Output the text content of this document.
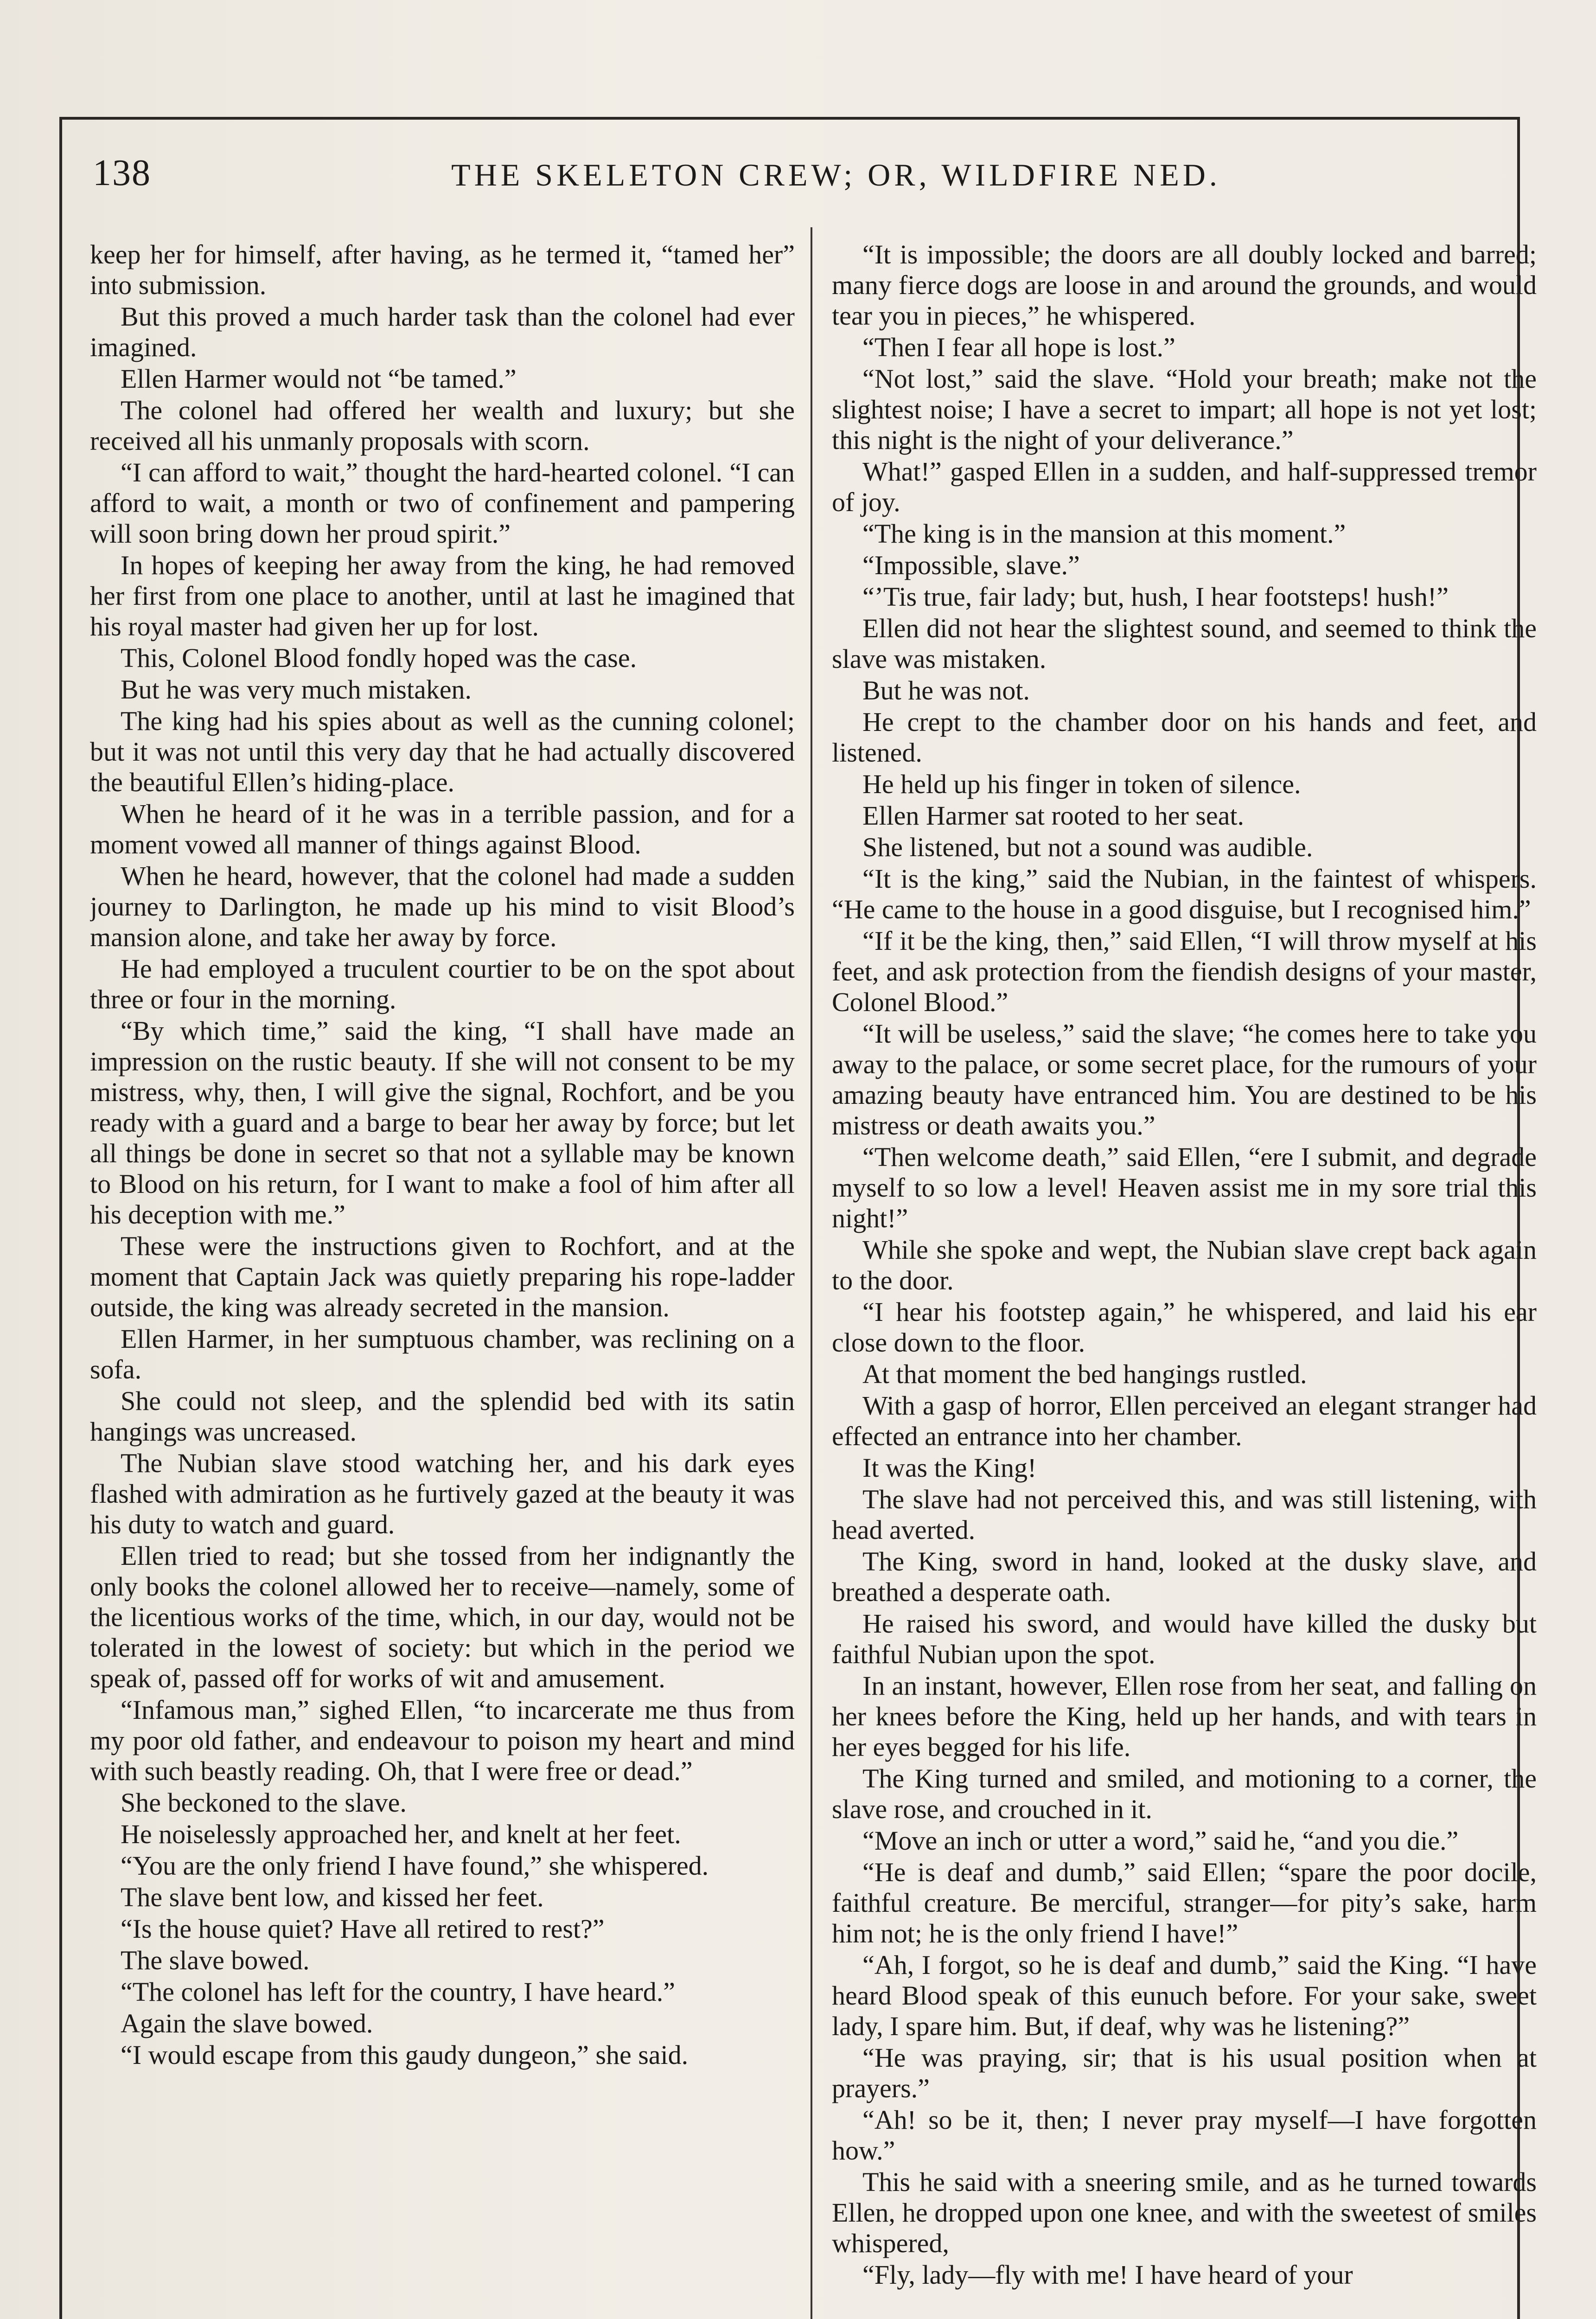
138	THE SKELETON CREW; OR, WILDFIRE NED.

keep her for himself, after having, as he termed it, “tamed her” into submission.

But this proved a much harder task than the colonel had ever imagined.

Ellen Harmer would not “be tamed.”

The colonel had offered her wealth and luxury; but she received all his unmanly proposals with scorn.

“I can afford to wait,” thought the hard-hearted colonel. “I can afford to wait, a month or two of confinement and pampering will soon bring down her proud spirit.”

In hopes of keeping her away from the king, he had removed her first from one place to another, until at last he imagined that his royal master had given her up for lost.

This, Colonel Blood fondly hoped was the case.

But he was very much mistaken.

The king had his spies about as well as the cunning colonel; but it was not until this very day that he had actually discovered the beautiful Ellen’s hiding-place.

When he heard of it he was in a terrible passion, and for a moment vowed all manner of things against Blood.

When he heard, however, that the colonel had made a sudden journey to Darlington, he made up his mind to visit Blood’s mansion alone, and take her away by force.

He had employed a truculent courtier to be on the spot about three or four in the morning.

“By which time,” said the king, “I shall have made an impression on the rustic beauty. If she will not consent to be my mistress, why, then, I will give the signal, Rochfort, and be you ready with a guard and a barge to bear her away by force; but let all things be done in secret so that not a syllable may be known to Blood on his return, for I want to make a fool of him after all his deception with me.”

These were the instructions given to Rochfort, and at the moment that Captain Jack was quietly preparing his rope-ladder outside, the king was already secreted in the mansion.

Ellen Harmer, in her sumptuous chamber, was reclining on a sofa.

She could not sleep, and the splendid bed with its satin hangings was uncreased.

The Nubian slave stood watching her, and his dark eyes flashed with admiration as he furtively gazed at the beauty it was his duty to watch and guard.

Ellen tried to read; but she tossed from her indignantly the only books the colonel allowed her to receive—namely, some of the licentious works of the time, which, in our day, would not be tolerated in the lowest of society: but which in the period we speak of, passed off for works of wit and amusement.

“Infamous man,” sighed Ellen, “to incarcerate me thus from my poor old father, and endeavour to poison my heart and mind with such beastly reading. Oh, that I were free or dead.”

She beckoned to the slave.

He noiselessly approached her, and knelt at her feet.

“You are the only friend I have found,” she whispered.

The slave bent low, and kissed her feet.

“Is the house quiet? Have all retired to rest?”

The slave bowed.

“The colonel has left for the country, I have heard.”

Again the slave bowed.

“I would escape from this gaudy dungeon,” she said.

“It is impossible; the doors are all doubly locked and barred; many fierce dogs are loose in and around the grounds, and would tear you in pieces,” he whispered.

“Then I fear all hope is lost.”

“Not lost,” said the slave. “Hold your breath; make not the slightest noise; I have a secret to impart; all hope is not yet lost; this night is the night of your deliverance.”

What!” gasped Ellen in a sudden, and half-suppressed tremor of joy.

“The king is in the mansion at this moment.”

“Impossible, slave.”

“’Tis true, fair lady; but, hush, I hear footsteps! hush!”

Ellen did not hear the slightest sound, and seemed to think the slave was mistaken.

But he was not.

He crept to the chamber door on his hands and feet, and listened.

He held up his finger in token of silence.

Ellen Harmer sat rooted to her seat.

She listened, but not a sound was audible.

“It is the king,” said the Nubian, in the faintest of whispers. “He came to the house in a good disguise, but I recognised him.”

“If it be the king, then,” said Ellen, “I will throw myself at his feet, and ask protection from the fiendish designs of your master, Colonel Blood.”

“It will be useless,” said the slave; “he comes here to take you away to the palace, or some secret place, for the rumours of your amazing beauty have entranced him. You are destined to be his mistress or death awaits you.”

“Then welcome death,” said Ellen, “ere I submit, and degrade myself to so low a level! Heaven assist me in my sore trial this night!”

While she spoke and wept, the Nubian slave crept back again to the door.

“I hear his footstep again,” he whispered, and laid his ear close down to the floor.

At that moment the bed hangings rustled.

With a gasp of horror, Ellen perceived an elegant stranger had effected an entrance into her chamber.

It was the King!

The slave had not perceived this, and was still listening, with head averted.

The King, sword in hand, looked at the dusky slave, and breathed a desperate oath.

He raised his sword, and would have killed the dusky but faithful Nubian upon the spot.

In an instant, however, Ellen rose from her seat, and falling on her knees before the King, held up her hands, and with tears in her eyes begged for his life.

The King turned and smiled, and motioning to a corner, the slave rose, and crouched in it.

“Move an inch or utter a word,” said he, “and you die.”

“He is deaf and dumb,” said Ellen; “spare the poor docile, faithful creature. Be merciful, stranger—for pity’s sake, harm him not; he is the only friend I have!”

“Ah, I forgot, so he is deaf and dumb,” said the King. “I have heard Blood speak of this eunuch before. For your sake, sweet lady, I spare him. But, if deaf, why was he listening?”

“He was praying, sir; that is his usual position when at prayers.”

“Ah! so be it, then; I never pray myself—I have forgotten how.”

This he said with a sneering smile, and as he turned towards Ellen, he dropped upon one knee, and with the sweetest of smiles whispered,

“Fly, lady—fly with me! I have heard of your
